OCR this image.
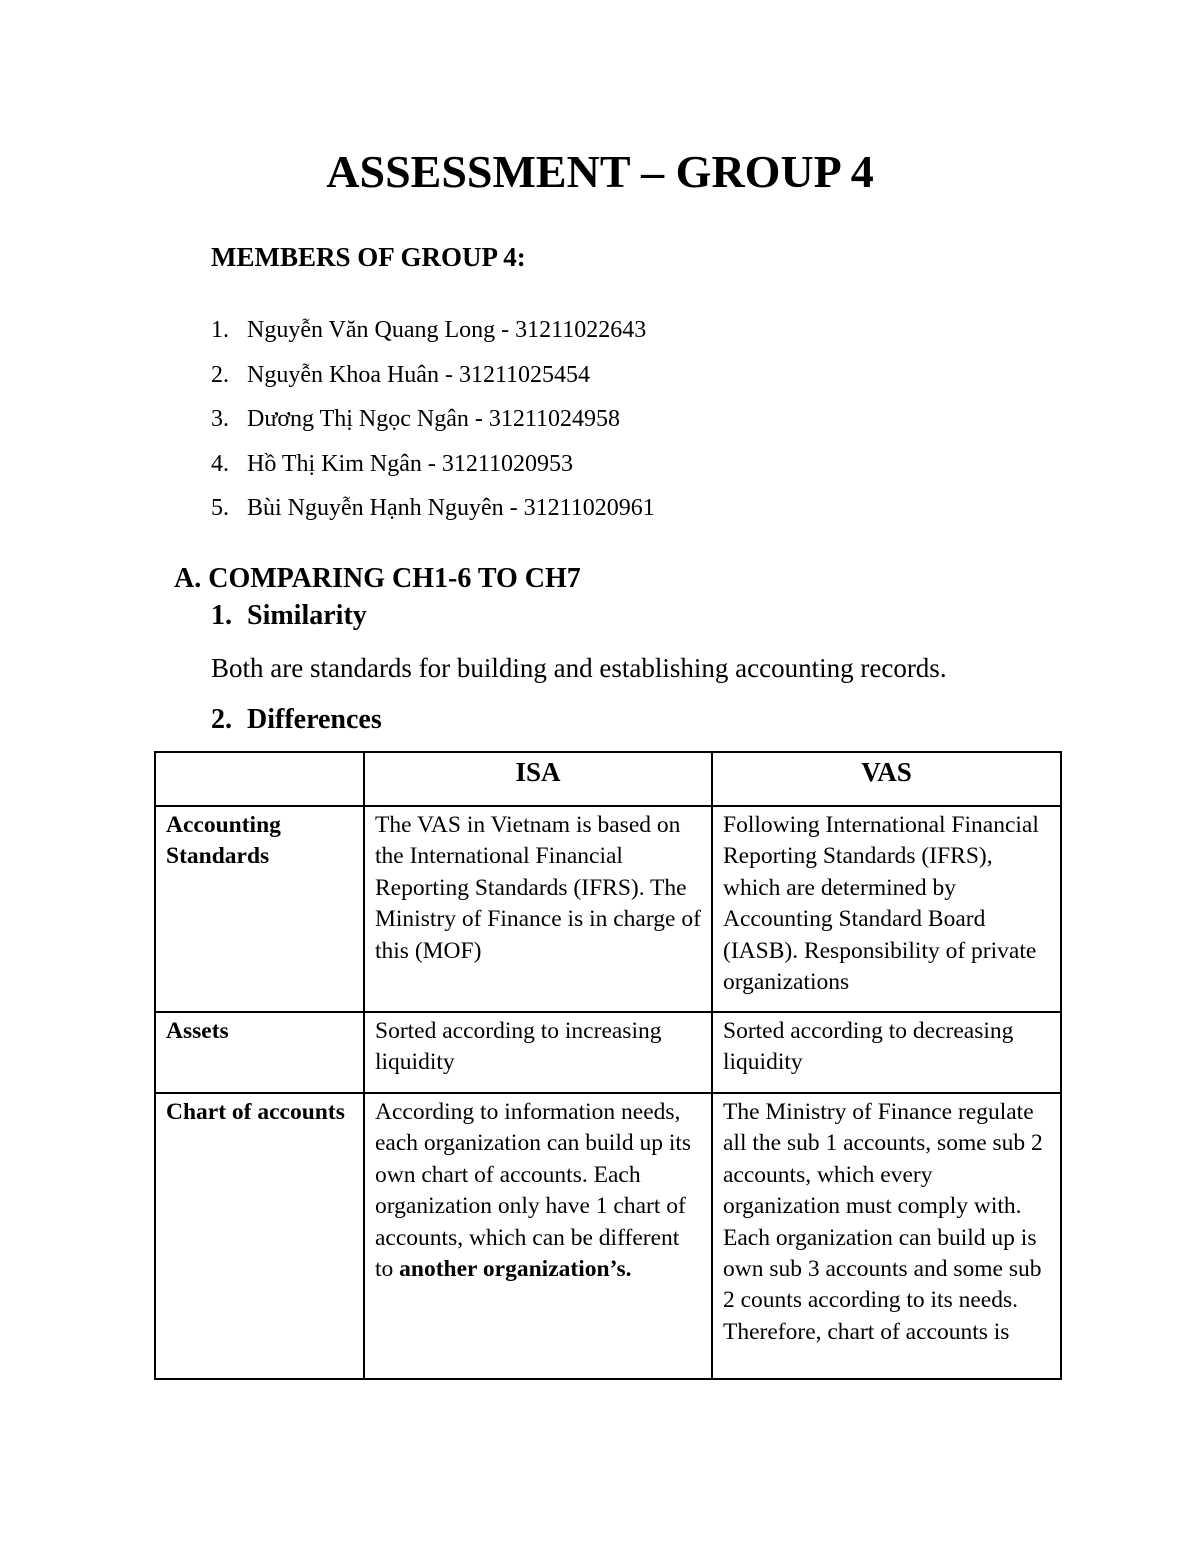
ASSESSMENT – GROUP 4
MEMBERS OF GROUP 4:
1. Nguyễn Văn Quang Long - 31211022643
2. Nguyễn Khoa Huân - 31211025454
3. Dương Thị Ngọc Ngân - 31211024958
4. Hồ Thị Kim Ngân - 31211020953
5. Bùi Nguyễn Hạnh Nguyên - 31211020961
A. COMPARING CH1-6 TO CH7
1. Similarity

Both are standards for building and establishing accounting records.

2. Differences
	ISA	VAS
Accounting Standards	The VAS in Vietnam is based on the International Financial Reporting Standards (IFRS). The Ministry of Finance is in charge of this (MOF)	Following International Financial Reporting Standards (IFRS), which are determined by Accounting Standard Board (IASB). Responsibility of private organizations
Assets	Sorted according to increasing liquidity	Sorted according to decreasing liquidity
Chart of accounts	According to information needs, each organization can build up its own chart of accounts. Each organization only have 1 chart of accounts, which can be different to another organization’s.	The Ministry of Finance regulate all the sub 1 accounts, some sub 2 accounts, which every organization must comply with. Each organization can build up is own sub 3 accounts and some sub 2 counts according to its needs. Therefore, chart of accounts is
